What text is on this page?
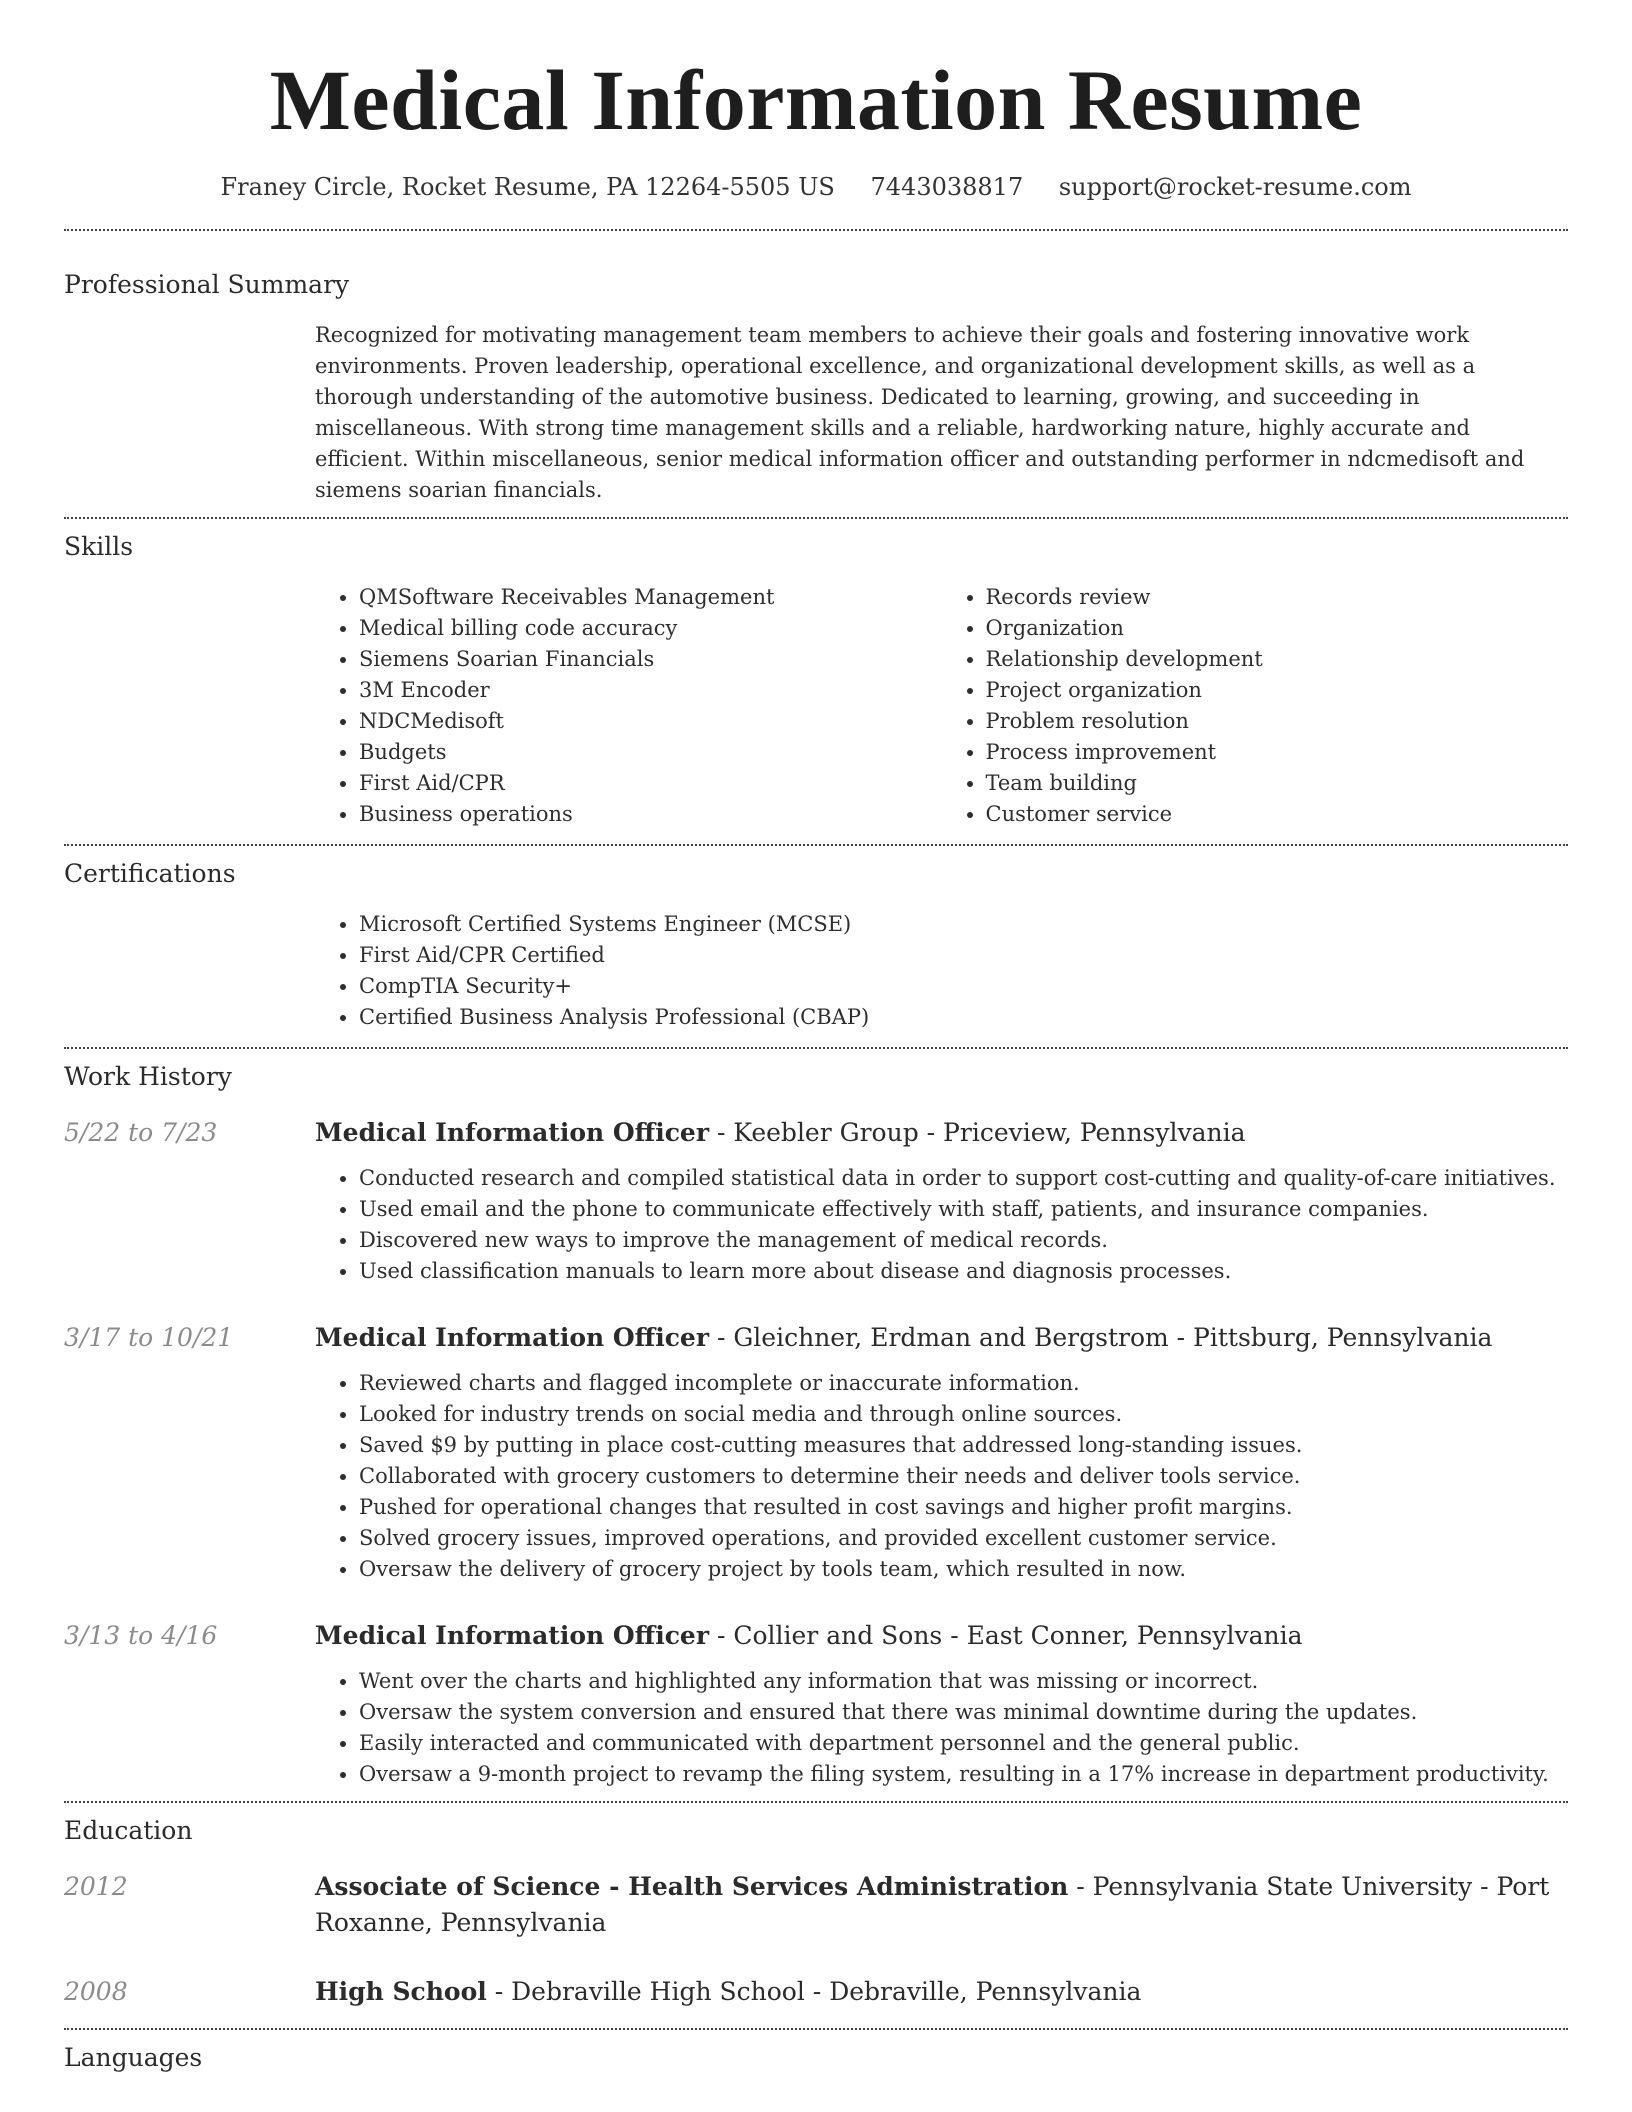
Medical Information Resume
Franey Circle, Rocket Resume, PA 12264-5505 US 7443038817 support@rocket-resume.com
Professional Summary
Recognized for motivating management team members to achieve their goals and fostering innovative work environments. Proven leadership, operational excellence, and organizational development skills, as well as a thorough understanding of the automotive business. Dedicated to learning, growing, and succeeding in miscellaneous. With strong time management skills and a reliable, hardworking nature, highly accurate and efficient. Within miscellaneous, senior medical information officer and outstanding performer in ndcmedisoft and siemens soarian financials.
Skills
• QMSoftware Receivables Management
• Medical billing code accuracy
• Siemens Soarian Financials
• 3M Encoder
• NDCMedisoft
• Budgets
• First Aid/CPR
• Business operations
• Records review
• Organization
• Relationship development
• Project organization
• Problem resolution
• Process improvement
• Team building
• Customer service
Certifications
• Microsoft Certified Systems Engineer (MCSE)
• First Aid/CPR Certified
• CompTIA Security+
• Certified Business Analysis Professional (CBAP)
Work History
5/22 to 7/23	Medical Information Officer - Keebler Group - Priceview, Pennsylvania
• Conducted research and compiled statistical data in order to support cost-cutting and quality-of-care initiatives.
• Used email and the phone to communicate effectively with staff, patients, and insurance companies.
• Discovered new ways to improve the management of medical records.
• Used classification manuals to learn more about disease and diagnosis processes.
3/17 to 10/21	Medical Information Officer - Gleichner, Erdman and Bergstrom - Pittsburg, Pennsylvania
• Reviewed charts and flagged incomplete or inaccurate information.
• Looked for industry trends on social media and through online sources.
• Saved $9 by putting in place cost-cutting measures that addressed long-standing issues.
• Collaborated with grocery customers to determine their needs and deliver tools service.
• Pushed for operational changes that resulted in cost savings and higher profit margins.
• Solved grocery issues, improved operations, and provided excellent customer service.
• Oversaw the delivery of grocery project by tools team, which resulted in now.
3/13 to 4/16	Medical Information Officer - Collier and Sons - East Conner, Pennsylvania
• Went over the charts and highlighted any information that was missing or incorrect.
• Oversaw the system conversion and ensured that there was minimal downtime during the updates.
• Easily interacted and communicated with department personnel and the general public.
• Oversaw a 9-month project to revamp the filing system, resulting in a 17% increase in department productivity.
Education
2012	Associate of Science - Health Services Administration - Pennsylvania State University - Port Roxanne, Pennsylvania
2008	High School - Debraville High School - Debraville, Pennsylvania
Languages
